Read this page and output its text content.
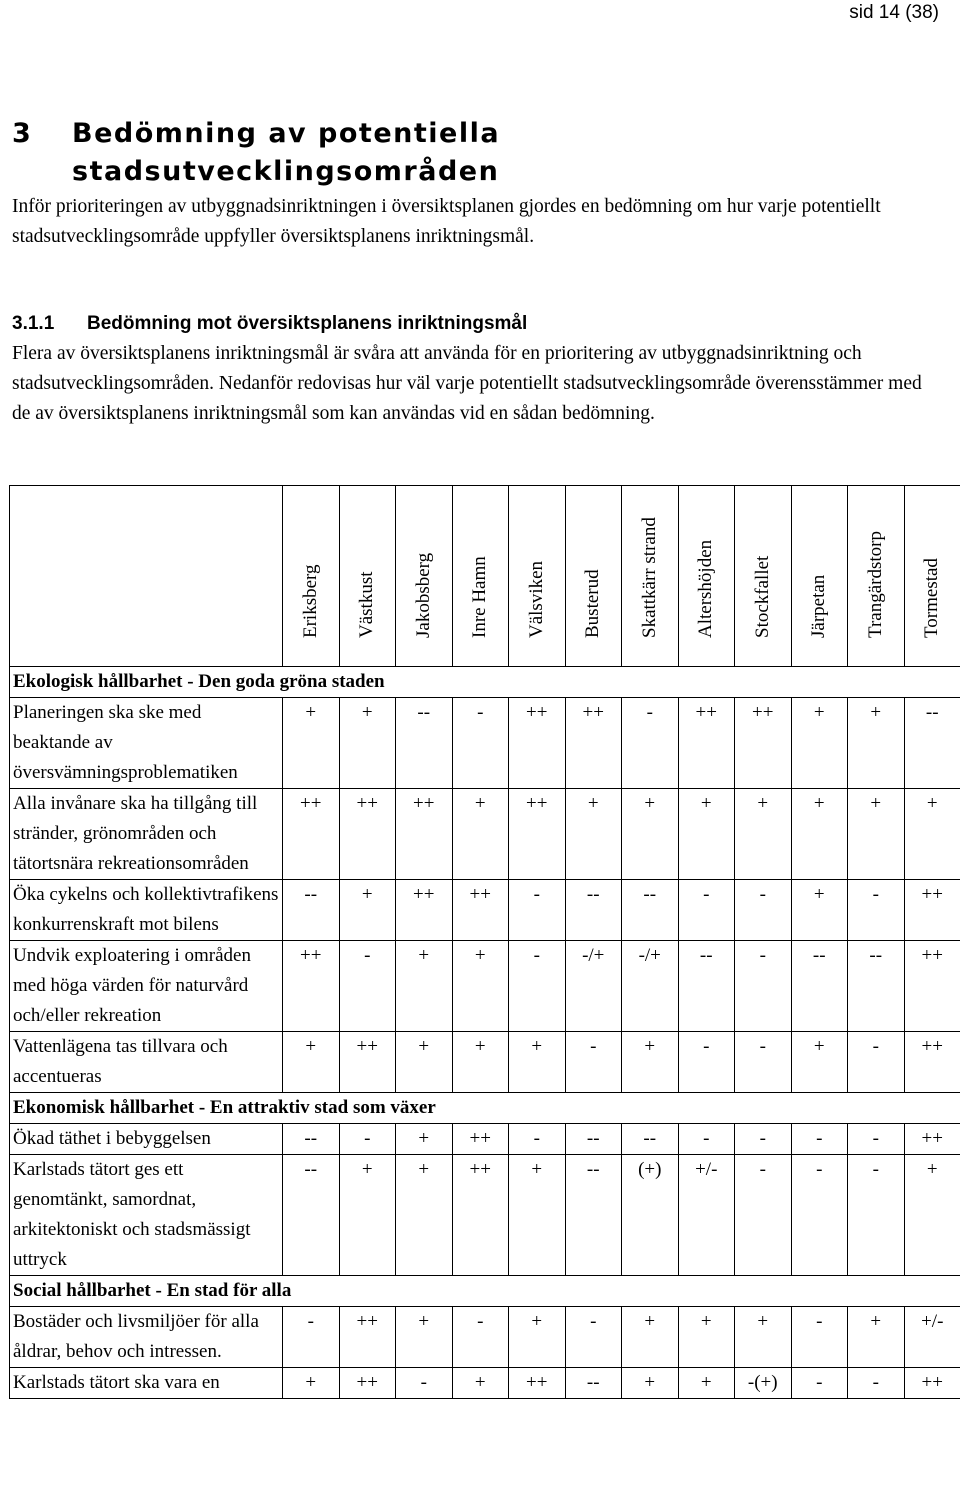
sid 14 (38)
3 Bedömning av potentiella stadsutvecklingsområden

Inför prioriteringen av utbyggnadsinriktningen i översiktsplanen gjordes en bedömning om hur varje potentiellt stadsutvecklingsområde uppfyller översiktsplanens inriktningsmål.

3.1.1 Bedömning mot översiktsplanens inriktningsmål

Flera av översiktsplanens inriktningsmål är svåra att använda för en prioritering av utbyggnadsinriktning och stadsutvecklingsområden. Nedanför redovisas hur väl varje potentiellt stadsutvecklingsområde överensstämmer med de av översiktsplanens inriktningsmål som kan användas vid en sådan bedömning.

	Eriksberg	Västkust	Jakobsberg	Inre Hamn	Välsviken	Busterud	Skattkärr strand	Altershöjden	Stockfallet	Järpetan	Trangärdstorp	Tormestad

Ekologisk hållbarhet - Den goda gröna staden												
Planeringen ska ske med beaktande av översvämningsproblematiken	+	+	--	-	++	++	-	++	++	+	+	--
Alla invånare ska ha tillgång till stränder, grönområden och tätortsnära rekreationsområden	++	++	++	+	++	+	+	+	+	+	+	+
Öka cykelns och kollektivtrafikens konkurrenskraft mot bilens	--	+	++	++	-	--	--	-	-	+	-	++
Undvik exploatering i områden med höga värden för naturvård och/eller rekreation	++	-	+	+	-	-/+	-/+	--	-	--	--	++
Vattenlägena tas tillvara och accentueras	+	++	+	+	+	-	+	-	-	+	-	++
Ekonomisk hållbarhet - En attraktiv stad som växer												
Ökad täthet i bebyggelsen	--	-	+	++	-	--	--	-	-	-	-	++
Karlstads tätort ges ett genomtänkt, samordnat, arkitektoniskt och stadsmässigt uttryck	--	+	+	++	+	--	(+)	+/-	-	-	-	+
Social hållbarhet - En stad för alla												
Bostäder och livsmiljöer för alla åldrar, behov och intressen.	-	++	+	-	+	-	+	+	+	-	+	+/-
Karlstads tätort ska vara en	+	++	-	+	++	--	+	+	-(+)	-	-	++
